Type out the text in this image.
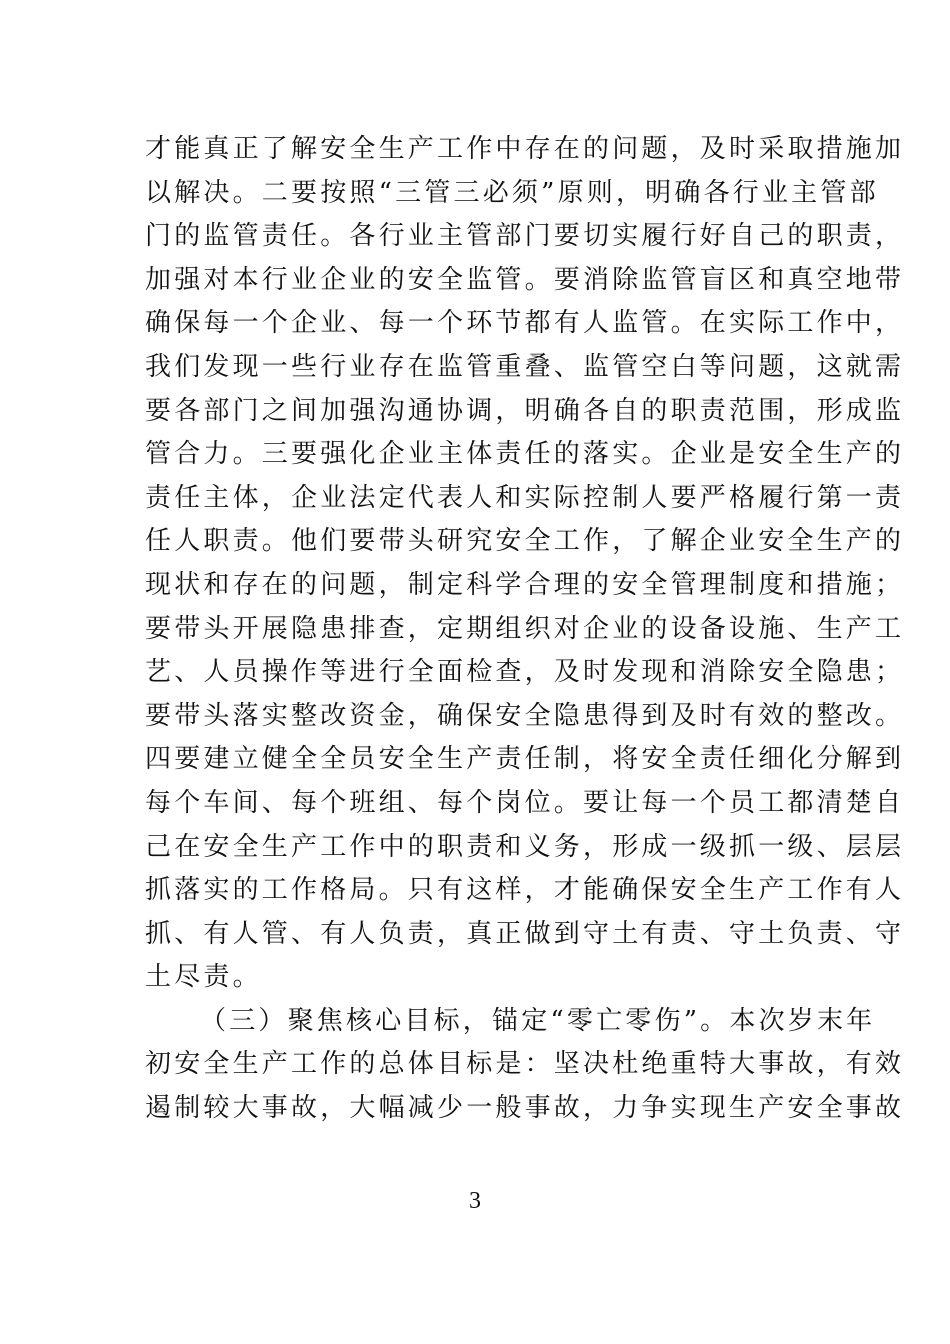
才能真正了解安全生产工作中存在的问题，及时采取措施加
以解决。二要按照“三管三必须”原则，明确各行业主管部
门的监管责任。各行业主管部门要切实履行好自己的职责，
加强对本行业企业的安全监管。要消除监管盲区和真空地带
确保每一个企业、每一个环节都有人监管。在实际工作中，
我们发现一些行业存在监管重叠、监管空白等问题，这就需
要各部门之间加强沟通协调，明确各自的职责范围，形成监
管合力。三要强化企业主体责任的落实。企业是安全生产的
责任主体，企业法定代表人和实际控制人要严格履行第一责
任人职责。他们要带头研究安全工作，了解企业安全生产的
现状和存在的问题，制定科学合理的安全管理制度和措施；
要带头开展隐患排查，定期组织对企业的设备设施、生产工
艺、人员操作等进行全面检查，及时发现和消除安全隐患；
要带头落实整改资金，确保安全隐患得到及时有效的整改。
四要建立健全全员安全生产责任制，将安全责任细化分解到
每个车间、每个班组、每个岗位。要让每一个员工都清楚自
己在安全生产工作中的职责和义务，形成一级抓一级、层层
抓落实的工作格局。只有这样，才能确保安全生产工作有人
抓、有人管、有人负责，真正做到守土有责、守土负责、守
土尽责。
（三）聚焦核心目标，锚定“零亡零伤”。本次岁末年
初安全生产工作的总体目标是：坚决杜绝重特大事故，有效
遏制较大事故，大幅减少一般事故，力争实现生产安全事故
3
